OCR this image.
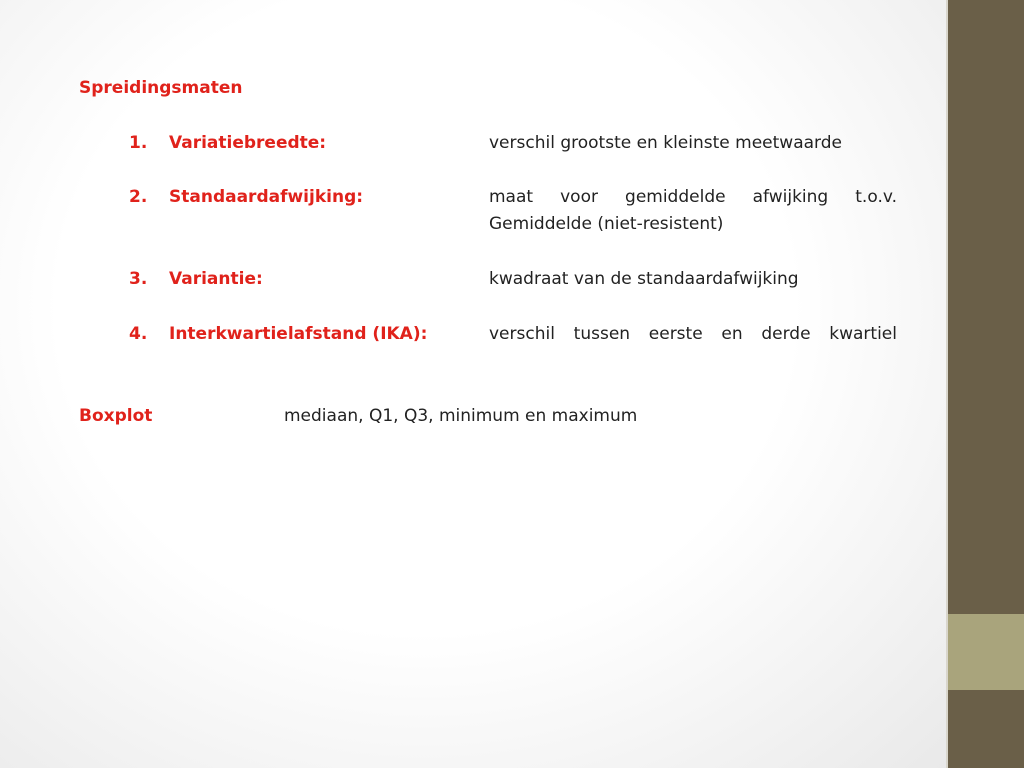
Spreidingsmaten
1. Variatiebreedte:	verschil grootste en kleinste meetwaarde
2. Standaardafwijking:	maat voor gemiddelde afwijking t.o.v.
Gemiddelde (niet-resistent)
3. Variantie:	kwadraat van de standaardafwijking
4. Interkwartielafstand (IKA):	verschil tussen eerste en derde kwartiel
Boxplot	mediaan, Q1, Q3, minimum en maximum
